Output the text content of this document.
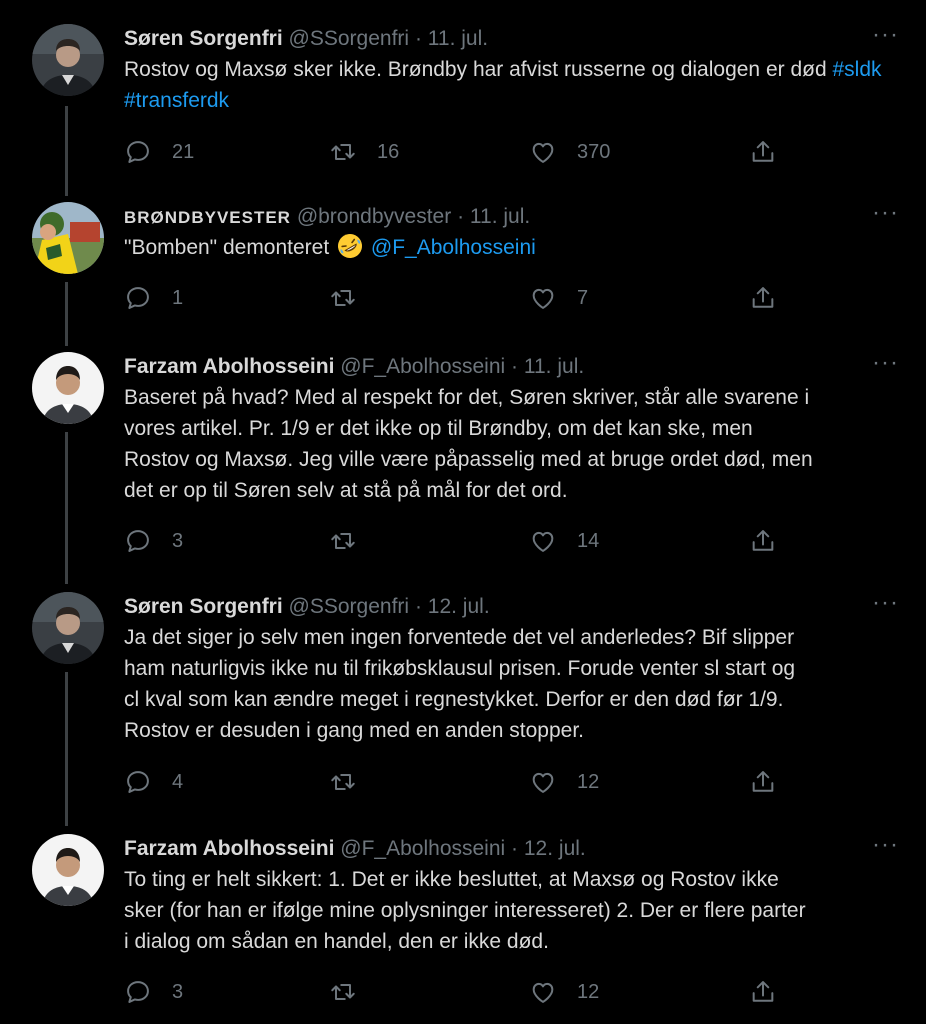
Søren Sorgenfri @SSorgenfri · 11. jul.	···
Rostov og Maxsø sker ikke. Brøndby har afvist russerne og dialogen er død #sldk #transferdk
21	16	370
BRØNDBYVESTER @brondbyvester · 11. jul.	···
"Bomben" demonteret @F_Abolhosseini
1	7
Farzam Abolhosseini @F_Abolhosseini · 11. jul.	···
Baseret på hvad? Med al respekt for det, Søren skriver, står alle svarene i
vores artikel. Pr. 1/9 er det ikke op til Brøndby, om det kan ske, men
Rostov og Maxsø. Jeg ville være påpasselig med at bruge ordet død, men
det er op til Søren selv at stå på mål for det ord.
3	14
Søren Sorgenfri @SSorgenfri · 12. jul.	···
Ja det siger jo selv men ingen forventede det vel anderledes? Bif slipper
ham naturligvis ikke nu til frikøbsklausul prisen. Forude venter sl start og
cl kval som kan ændre meget i regnestykket. Derfor er den død før 1/9.
Rostov er desuden i gang med en anden stopper.
4	12
Farzam Abolhosseini @F_Abolhosseini · 12. jul.	···
To ting er helt sikkert: 1. Det er ikke besluttet, at Maxsø og Rostov ikke
sker (for han er ifølge mine oplysninger interesseret) 2. Der er flere parter
i dialog om sådan en handel, den er ikke død.
3	12
